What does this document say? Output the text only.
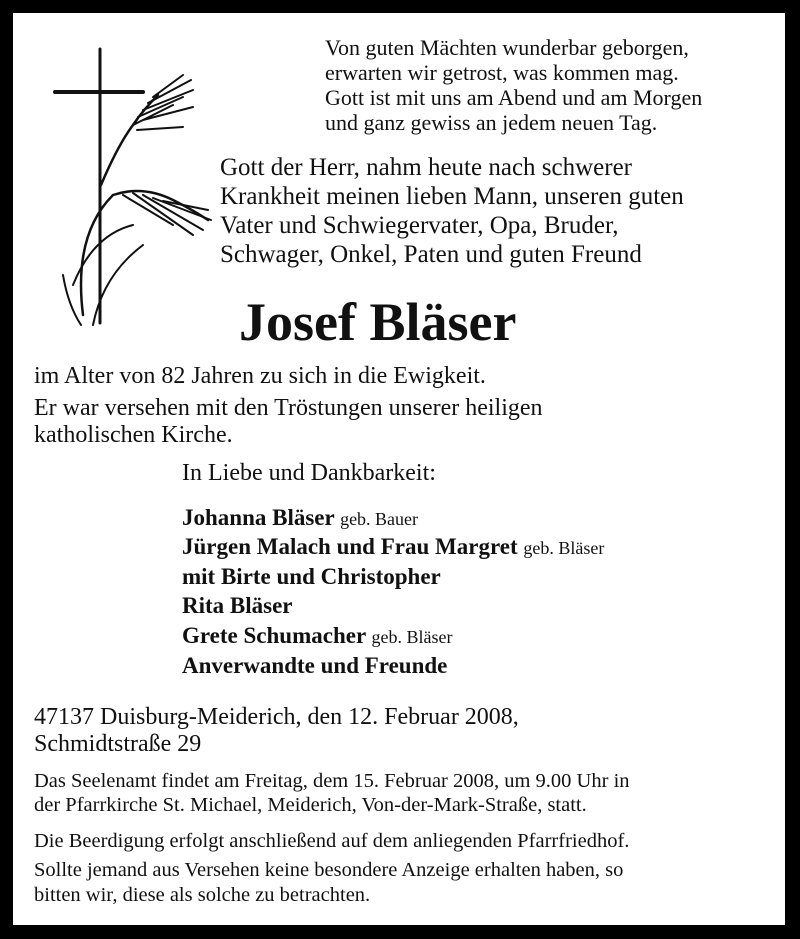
Von guten Mächten wunderbar geborgen,
erwarten wir getrost, was kommen mag.
Gott ist mit uns am Abend und am Morgen
und ganz gewiss an jedem neuen Tag.
Gott der Herr, nahm heute nach schwerer
Krankheit meinen lieben Mann, unseren guten
Vater und Schwiegervater, Opa, Bruder,
Schwager, Onkel, Paten und guten Freund
Josef Bläser
im Alter von 82 Jahren zu sich in die Ewigkeit.
Er war versehen mit den Tröstungen unserer heiligen
katholischen Kirche.
In Liebe und Dankbarkeit:
Johanna Bläser geb. Bauer
Jürgen Malach und Frau Margret geb. Bläser
mit Birte und Christopher
Rita Bläser
Grete Schumacher geb. Bläser
Anverwandte und Freunde
47137 Duisburg-Meiderich, den 12. Februar 2008,
Schmidtstraße 29
Das Seelenamt findet am Freitag, dem 15. Februar 2008, um 9.00 Uhr in
der Pfarrkirche St. Michael, Meiderich, Von-der-Mark-Straße, statt.
Die Beerdigung erfolgt anschließend auf dem anliegenden Pfarrfriedhof.
Sollte jemand aus Versehen keine besondere Anzeige erhalten haben, so
bitten wir, diese als solche zu betrachten.
